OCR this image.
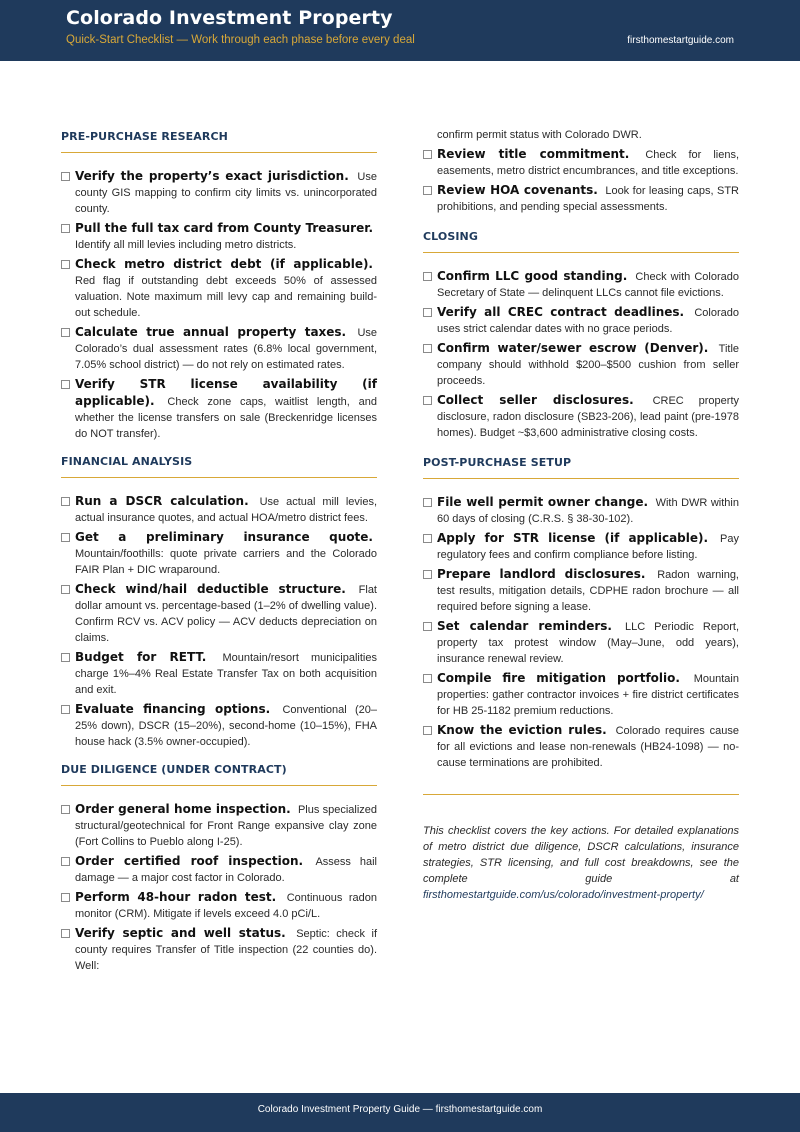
Colorado Investment Property
Quick-Start Checklist — Work through each phase before every deal	firsthomestartguide.com
PRE-PURCHASE RESEARCH
Verify the property’s exact jurisdiction. Use county GIS mapping to confirm city limits vs. unincorporated county.
Pull the full tax card from County Treasurer. Identify all mill levies including metro districts.
Check metro district debt (if applicable). Red flag if outstanding debt exceeds 50% of assessed valuation. Note maximum mill levy cap and remaining build-out schedule.
Calculate true annual property taxes. Use Colorado’s dual assessment rates (6.8% local government, 7.05% school district) — do not rely on estimated rates.
Verify STR license availability (if applicable). Check zone caps, waitlist length, and whether the license transfers on sale (Breckenridge licenses do NOT transfer).
FINANCIAL ANALYSIS
Run a DSCR calculation. Use actual mill levies, actual insurance quotes, and actual HOA/metro district fees.
Get a preliminary insurance quote. Mountain/foothills: quote private carriers and the Colorado FAIR Plan + DIC wraparound.
Check wind/hail deductible structure. Flat dollar amount vs. percentage-based (1–2% of dwelling value). Confirm RCV vs. ACV policy — ACV deducts depreciation on claims.
Budget for RETT. Mountain/resort municipalities charge 1%–4% Real Estate Transfer Tax on both acquisition and exit.
Evaluate financing options. Conventional (20–25% down), DSCR (15–20%), second-home (10–15%), FHA house hack (3.5% owner-occupied).
DUE DILIGENCE (UNDER CONTRACT)
Order general home inspection. Plus specialized structural/geotechnical for Front Range expansive clay zone (Fort Collins to Pueblo along I-25).
Order certified roof inspection. Assess hail damage — a major cost factor in Colorado.
Perform 48-hour radon test. Continuous radon monitor (CRM). Mitigate if levels exceed 4.0 pCi/L.
Verify septic and well status. Septic: check if county requires Transfer of Title inspection (22 counties do). Well:
confirm permit status with Colorado DWR.
Review title commitment. Check for liens, easements, metro district encumbrances, and title exceptions.
Review HOA covenants. Look for leasing caps, STR prohibitions, and pending special assessments.
CLOSING
Confirm LLC good standing. Check with Colorado Secretary of State — delinquent LLCs cannot file evictions.
Verify all CREC contract deadlines. Colorado uses strict calendar dates with no grace periods.
Confirm water/sewer escrow (Denver). Title company should withhold $200–$500 cushion from seller proceeds.
Collect seller disclosures. CREC property disclosure, radon disclosure (SB23-206), lead paint (pre-1978 homes). Budget ~$3,600 administrative closing costs.
POST-PURCHASE SETUP
File well permit owner change. With DWR within 60 days of closing (C.R.S. § 38-30-102).
Apply for STR license (if applicable). Pay regulatory fees and confirm compliance before listing.
Prepare landlord disclosures. Radon warning, test results, mitigation details, CDPHE radon brochure — all required before signing a lease.
Set calendar reminders. LLC Periodic Report, property tax protest window (May–June, odd years), insurance renewal review.
Compile fire mitigation portfolio. Mountain properties: gather contractor invoices + fire district certificates for HB 25-1182 premium reductions.
Know the eviction rules. Colorado requires cause for all evictions and lease non-renewals (HB24-1098) — no-cause terminations are prohibited.
This checklist covers the key actions. For detailed explanations of metro district due diligence, DSCR calculations, insurance strategies, STR licensing, and full cost breakdowns, see the complete guide at firsthomestartguide.com/us/colorado/investment-property/
Colorado Investment Property Guide — firsthomestartguide.com
